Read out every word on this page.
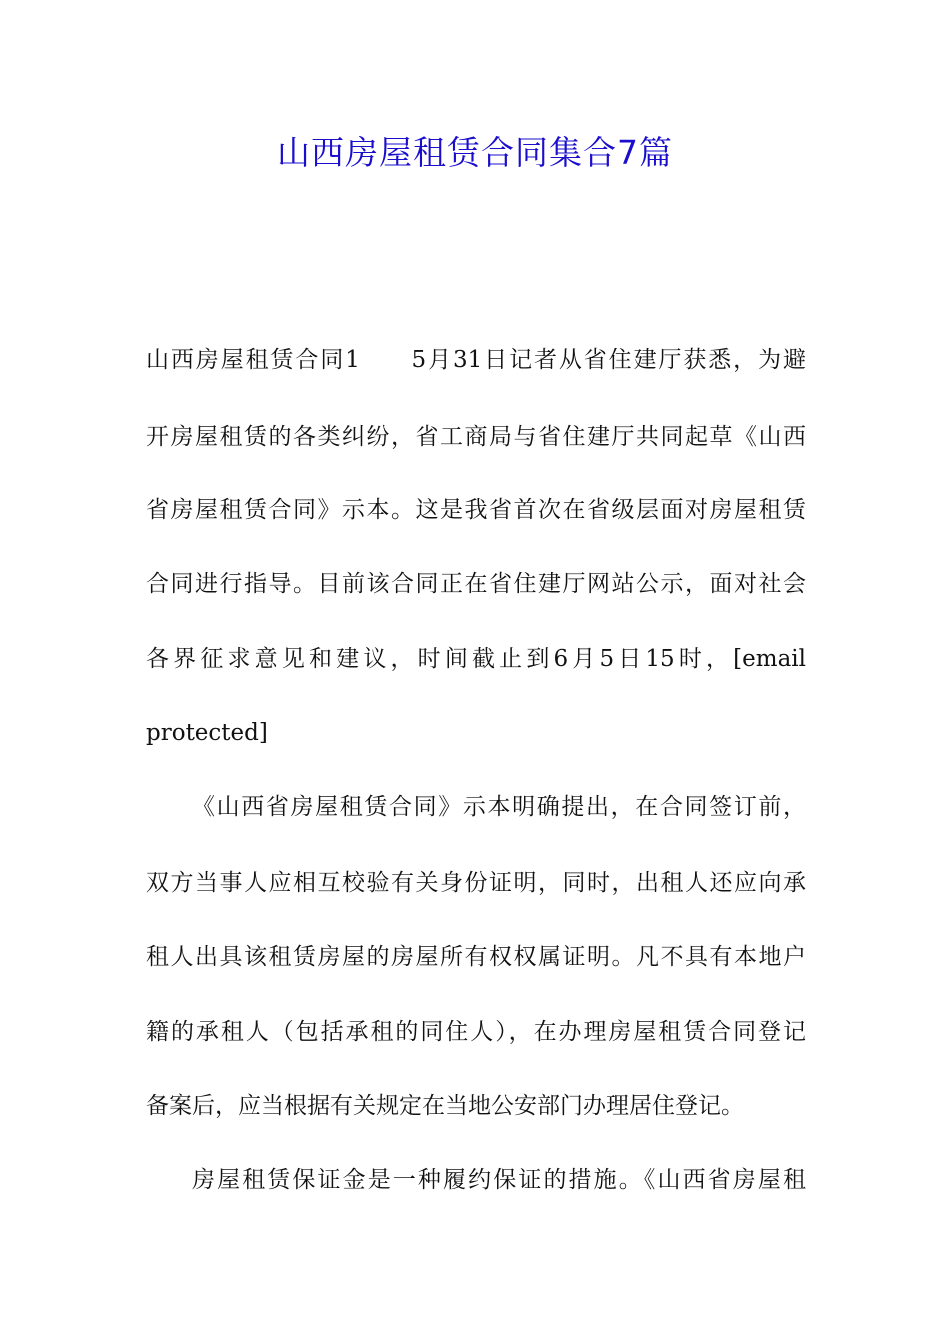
山西房屋租赁合同集合7篇
山西房屋租赁合同1　　5月31日记者从省住建厅获悉，为避
开房屋租赁的各类纠纷，省工商局与省住建厅共同起草《山西
省房屋租赁合同》示本。这是我省首次在省级层面对房屋租赁
合同进行指导。目前该合同正在省住建厅网站公示，面对社会
各界征求意见和建议，时间截止到6月5日15时，[email
protected]
《山西省房屋租赁合同》示本明确提出，在合同签订前，
双方当事人应相互校验有关身份证明，同时，出租人还应向承
租人出具该租赁房屋的房屋所有权权属证明。凡不具有本地户
籍的承租人（包括承租的同住人），在办理房屋租赁合同登记
备案后，应当根据有关规定在当地公安部门办理居住登记。
房屋租赁保证金是一种履约保证的措施。《山西省房屋租
